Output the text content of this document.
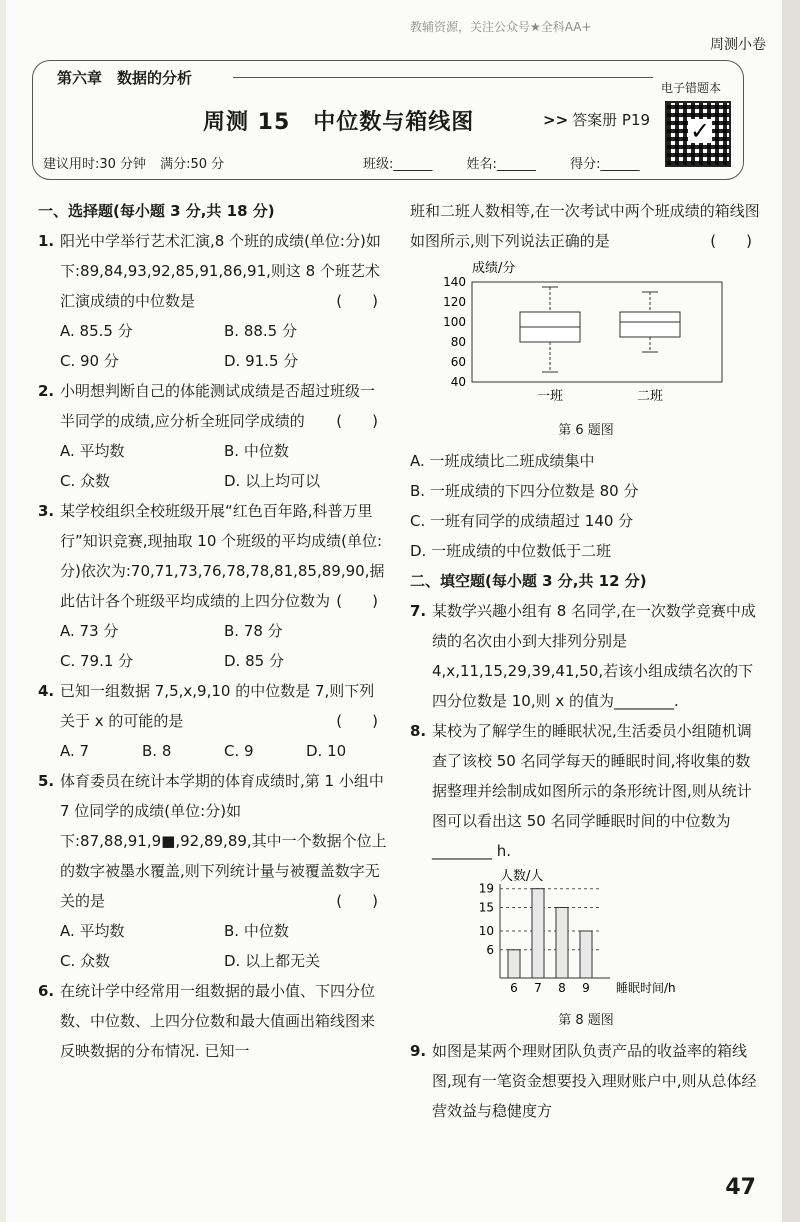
教辅资源，关注公众号★全科AA+
周测小卷
第六章　数据的分析
周测 15　中位数与箱线图	>> 答案册 P19
电子错题本
✓
建议用时:30 分钟 满分:50 分	班级:______	姓名:______	得分:______
一、选择题(每小题 3 分,共 18 分)
1. 阳光中学举行艺术汇演,8 个班的成绩(单位:分)如下:89,84,93,92,85,91,86,91,则这 8 个班艺术汇演成绩的中位数是	(　　)
A. 85.5 分	B. 88.5 分
C. 90 分	D. 91.5 分
2. 小明想判断自己的体能测试成绩是否超过班级一半同学的成绩,应分析全班同学成绩的 (　　)
A. 平均数	B. 中位数
C. 众数	D. 以上均可以
3. 某学校组织全校班级开展“红色百年路,科普万里行”知识竞赛,现抽取 10 个班级的平均成绩(单位:分)依次为:70,71,73,76,78,78,81,85,89,90,据此估计各个班级平均成绩的上四分位数为 (　　)
A. 73 分	B. 78 分
C. 79.1 分	D. 85 分
4. 已知一组数据 7,5,x,9,10 的中位数是 7,则下列关于 x 的可能的是	(　　)
A. 7	B. 8	C. 9	D. 10
5. 体育委员在统计本学期的体育成绩时,第 1 小组中 7 位同学的成绩(单位:分)如下:87,88,91,9■,92,89,89,其中一个数据个位上的数字被墨水覆盖,则下列统计量与被覆盖数字无关的是	(　　)
A. 平均数	B. 中位数
C. 众数	D. 以上都无关
6. 在统计学中经常用一组数据的最小值、下四分位数、中位数、上四分位数和最大值画出箱线图来反映数据的分布情况. 已知一
班和二班人数相等,在一次考试中两个班成绩的箱线图如图所示,则下列说法正确的是	(　　)
成绩/分
140
120
100
80
60
40
一班	二班
第 6 题图
A. 一班成绩比二班成绩集中
B. 一班成绩的下四分位数是 80 分
C. 一班有同学的成绩超过 140 分
D. 一班成绩的中位数低于二班
二、填空题(每小题 3 分,共 12 分)
7. 某数学兴趣小组有 8 名同学,在一次数学竞赛中成绩的名次由小到大排列分别是 4,x,11,15,29,39,41,50,若该小组成绩名次的下四分位数是 10,则 x 的值为________.
8. 某校为了解学生的睡眠状况,生活委员小组随机调查了该校 50 名同学每天的睡眠时间,将收集的数据整理并绘制成如图所示的条形统计图,则从统计图可以看出这 50 名同学睡眠时间的中位数为________ h.
人数/人
睡眠时间/h
19
15
10
6
6 7 8 9
第 8 题图
9. 如图是某两个理财团队负责产品的收益率的箱线图,现有一笔资金想要投入理财账户中,则从总体经营效益与稳健度方
47
